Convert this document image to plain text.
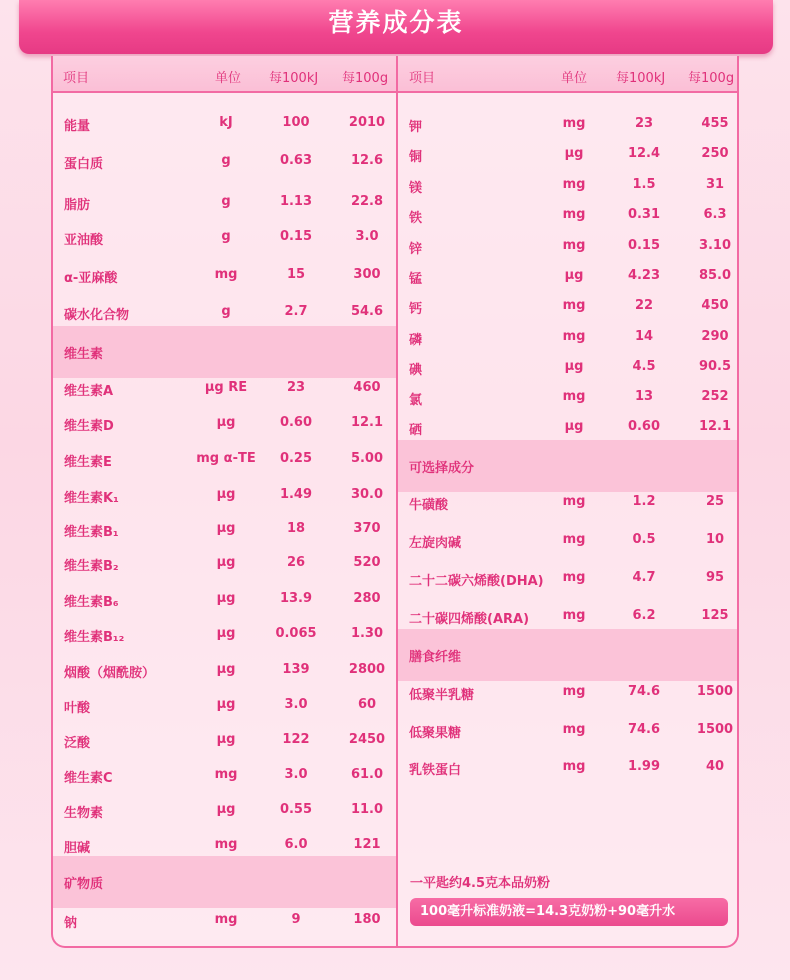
营养成分表
项目	单位 每100kJ 每100g 项目	单位 每100kJ 每100g
能量	kJ	100	2010
蛋白质	g	0.63	12.6
脂肪	g	1.13	22.8
亚油酸	g	0.15	3.0
α-亚麻酸	mg	15	300
碳水化合物	g	2.7	54.6
维生素
维生素A	μg RE	23	460
维生素D	μg	0.60	12.1
维生素E	mg α-TE	0.25	5.00
维生素K₁	μg	1.49	30.0
维生素B₁	μg	18	370
维生素B₂	μg	26	520
维生素B₆	μg	13.9	280
维生素B₁₂	μg	0.065	1.30
烟酸（烟酰胺）	μg	139	2800
叶酸	μg	3.0	60
泛酸	μg	122	2450
维生素C	mg	3.0	61.0
生物素	μg	0.55	11.0
胆碱	mg	6.0	121
矿物质
钠	mg	9	180
钾	mg	23	455
铜	μg	12.4	250
镁	mg	1.5	31
铁	mg	0.31	6.3
锌	mg	0.15	3.10
锰	μg	4.23	85.0
钙	mg	22	450
磷	mg	14	290
碘	μg	4.5	90.5
氯	mg	13	252
硒	μg	0.60	12.1
可选择成分
牛磺酸	mg	1.2	25
左旋肉碱	mg	0.5	10
二十二碳六烯酸(DHA)	mg	4.7	95
二十碳四烯酸(ARA)	mg	6.2	125
膳食纤维
低聚半乳糖	mg	74.6	1500
低聚果糖	mg	74.6	1500
乳铁蛋白	mg	1.99	40
一平匙约4.5克本品奶粉
100毫升标准奶液=14.3克奶粉+90毫升水
